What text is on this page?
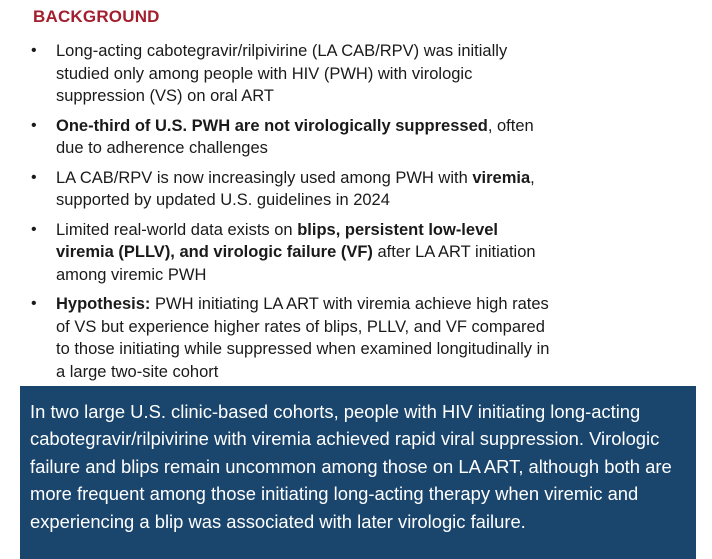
BACKGROUND
• Long-acting cabotegravir/rilpivirine (LA CAB/RPV) was initially studied only among people with HIV (PWH) with virologic suppression (VS) on oral ART
• One-third of U.S. PWH are not virologically suppressed, often due to adherence challenges
• LA CAB/RPV is now increasingly used among PWH with viremia, supported by updated U.S. guidelines in 2024
• Limited real-world data exists on blips, persistent low-level viremia (PLLV), and virologic failure (VF) after LA ART initiation among viremic PWH
• Hypothesis: PWH initiating LA ART with viremia achieve high rates of VS but experience higher rates of blips, PLLV, and VF compared to those initiating while suppressed when examined longitudinally in a large two-site cohort

In two large U.S. clinic-based cohorts, people with HIV initiating long-acting cabotegravir/rilpivirine with viremia achieved rapid viral suppression. Virologic failure and blips remain uncommon among those on LA ART, although both are more frequent among those initiating long-acting therapy when viremic and experiencing a blip was associated with later virologic failure.
